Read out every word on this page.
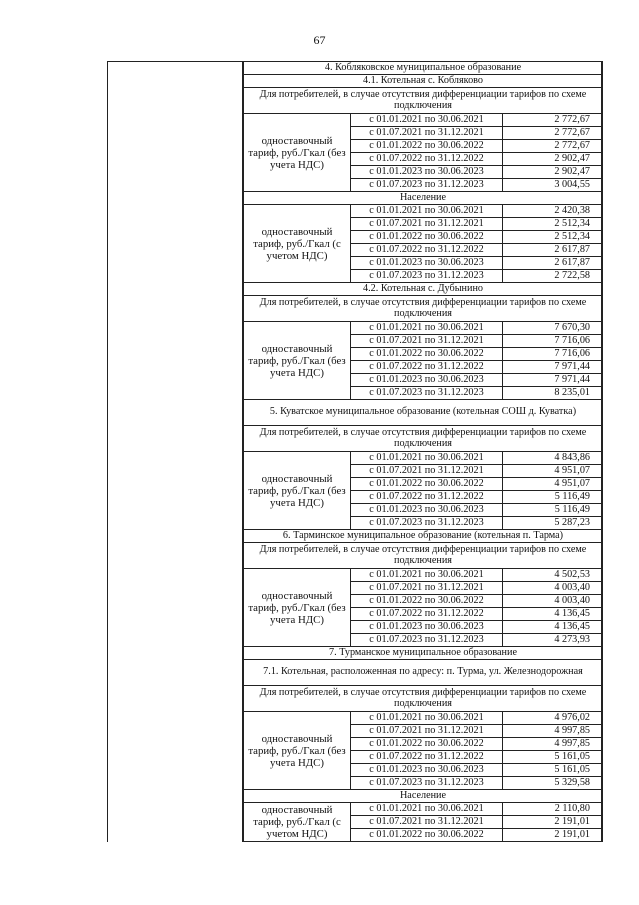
67
4. Кобляковское муниципальное образование		
4.1. Котельная с. Кобляково		
Для потребителей, в случае отсутствия дифференциации тарифов по схеме подключения		
одноставочный тариф, руб./Гкал (без учета НДС)	с 01.01.2021 по 30.06.2021	2 772,67
	с 01.07.2021 по 31.12.2021	2 772,67
	с 01.01.2022 по 30.06.2022	2 772,67
	с 01.07.2022 по 31.12.2022	2 902,47
	с 01.01.2023 по 30.06.2023	2 902,47
	с 01.07.2023 по 31.12.2023	3 004,55
Население		
одноставочный тариф, руб./Гкал (с учетом НДС)	с 01.01.2021 по 30.06.2021	2 420,38
	с 01.07.2021 по 31.12.2021	2 512,34
	с 01.01.2022 по 30.06.2022	2 512,34
	с 01.07.2022 по 31.12.2022	2 617,87
	с 01.01.2023 по 30.06.2023	2 617,87
	с 01.07.2023 по 31.12.2023	2 722,58
4.2. Котельная с. Дубынино		
Для потребителей, в случае отсутствия дифференциации тарифов по схеме подключения		
одноставочный тариф, руб./Гкал (без учета НДС)	с 01.01.2021 по 30.06.2021	7 670,30
	с 01.07.2021 по 31.12.2021	7 716,06
	с 01.01.2022 по 30.06.2022	7 716,06
	с 01.07.2022 по 31.12.2022	7 971,44
	с 01.01.2023 по 30.06.2023	7 971,44
	с 01.07.2023 по 31.12.2023	8 235,01
5. Куватское муниципальное образование (котельная СОШ д. Куватка)		
Для потребителей, в случае отсутствия дифференциации тарифов по схеме подключения		
одноставочный тариф, руб./Гкал (без учета НДС)	с 01.01.2021 по 30.06.2021	4 843,86
	с 01.07.2021 по 31.12.2021	4 951,07
	с 01.01.2022 по 30.06.2022	4 951,07
	с 01.07.2022 по 31.12.2022	5 116,49
	с 01.01.2023 по 30.06.2023	5 116,49
	с 01.07.2023 по 31.12.2023	5 287,23
6. Тарминское муниципальное образование (котельная п. Тарма)		
Для потребителей, в случае отсутствия дифференциации тарифов по схеме подключения		
одноставочный тариф, руб./Гкал (без учета НДС)	с 01.01.2021 по 30.06.2021	4 502,53
	с 01.07.2021 по 31.12.2021	4 003,40
	с 01.01.2022 по 30.06.2022	4 003,40
	с 01.07.2022 по 31.12.2022	4 136,45
	с 01.01.2023 по 30.06.2023	4 136,45
	с 01.07.2023 по 31.12.2023	4 273,93
7. Турманское муниципальное образование		
7.1. Котельная, расположенная по адресу: п. Турма, ул. Железнодорожная		
Для потребителей, в случае отсутствия дифференциации тарифов по схеме подключения		
одноставочный тариф, руб./Гкал (без учета НДС)	с 01.01.2021 по 30.06.2021	4 976,02
	с 01.07.2021 по 31.12.2021	4 997,85
	с 01.01.2022 по 30.06.2022	4 997,85
	с 01.07.2022 по 31.12.2022	5 161,05
	с 01.01.2023 по 30.06.2023	5 161,05
	с 01.07.2023 по 31.12.2023	5 329,58
Население		
одноставочный тариф, руб./Гкал (с учетом НДС)	с 01.01.2021 по 30.06.2021	2 110,80
	с 01.07.2021 по 31.12.2021	2 191,01
	с 01.01.2022 по 30.06.2022	2 191,01
